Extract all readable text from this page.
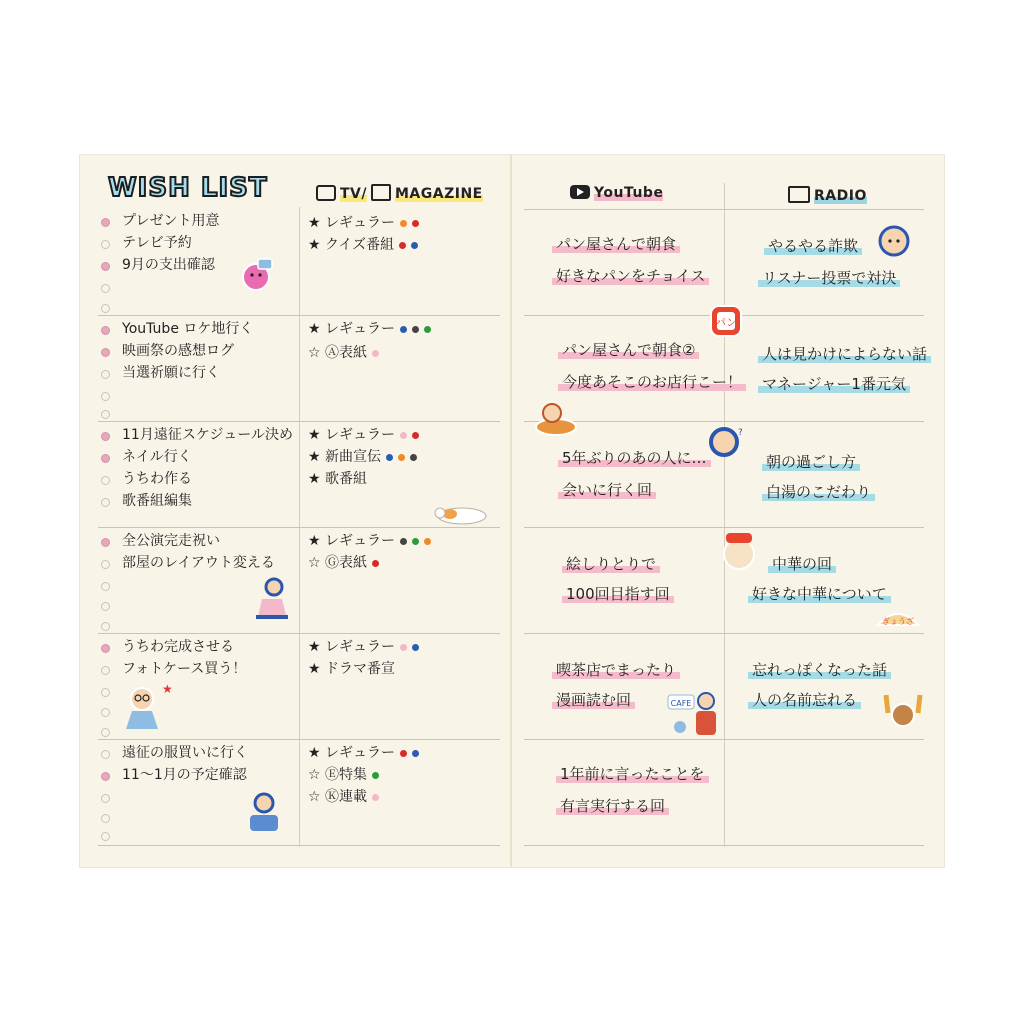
WISH LIST	TV/ MAGAZINE
プレゼント用意
テレビ予約
9月の支出確認
YouTube ロケ地行く
映画祭の感想ログ
当選祈願に行く
11月遠征スケジュール決め
ネイル行く
うちわ作る
歌番組編集
全公演完走祝い
部屋のレイアウト変える
うちわ完成させる
フォトケース買う！
遠征の服買いに行く
11〜1月の予定確認
★ レギュラー
★ クイズ番組
★ レギュラー
☆ Ⓐ表紙
★ レギュラー
★ 新曲宣伝
★ 歌番組
★ レギュラー
☆ Ⓖ表紙
★ レギュラー
★ ドラマ番宣
★ レギュラー
☆ Ⓔ特集
☆ Ⓚ連載
★
YouTube	RADIO
パン屋さんで朝食
好きなパンをチョイス
パン屋さんで朝食②
今度あそこのお店行こー！
5年ぶりのあの人に…
会いに行く回
絵しりとりで
100回目指す回
喫茶店でまったり
漫画読む回
1年前に言ったことを
有言実行する回
やるやる詐欺
リスナー投票で対決
人は見かけによらない話
マネージャー1番元気
朝の過ごし方
白湯のこだわり
中華の回
好きな中華について
忘れっぽくなった話
人の名前忘れる
パン
?
ぎょうざ
CAFE
